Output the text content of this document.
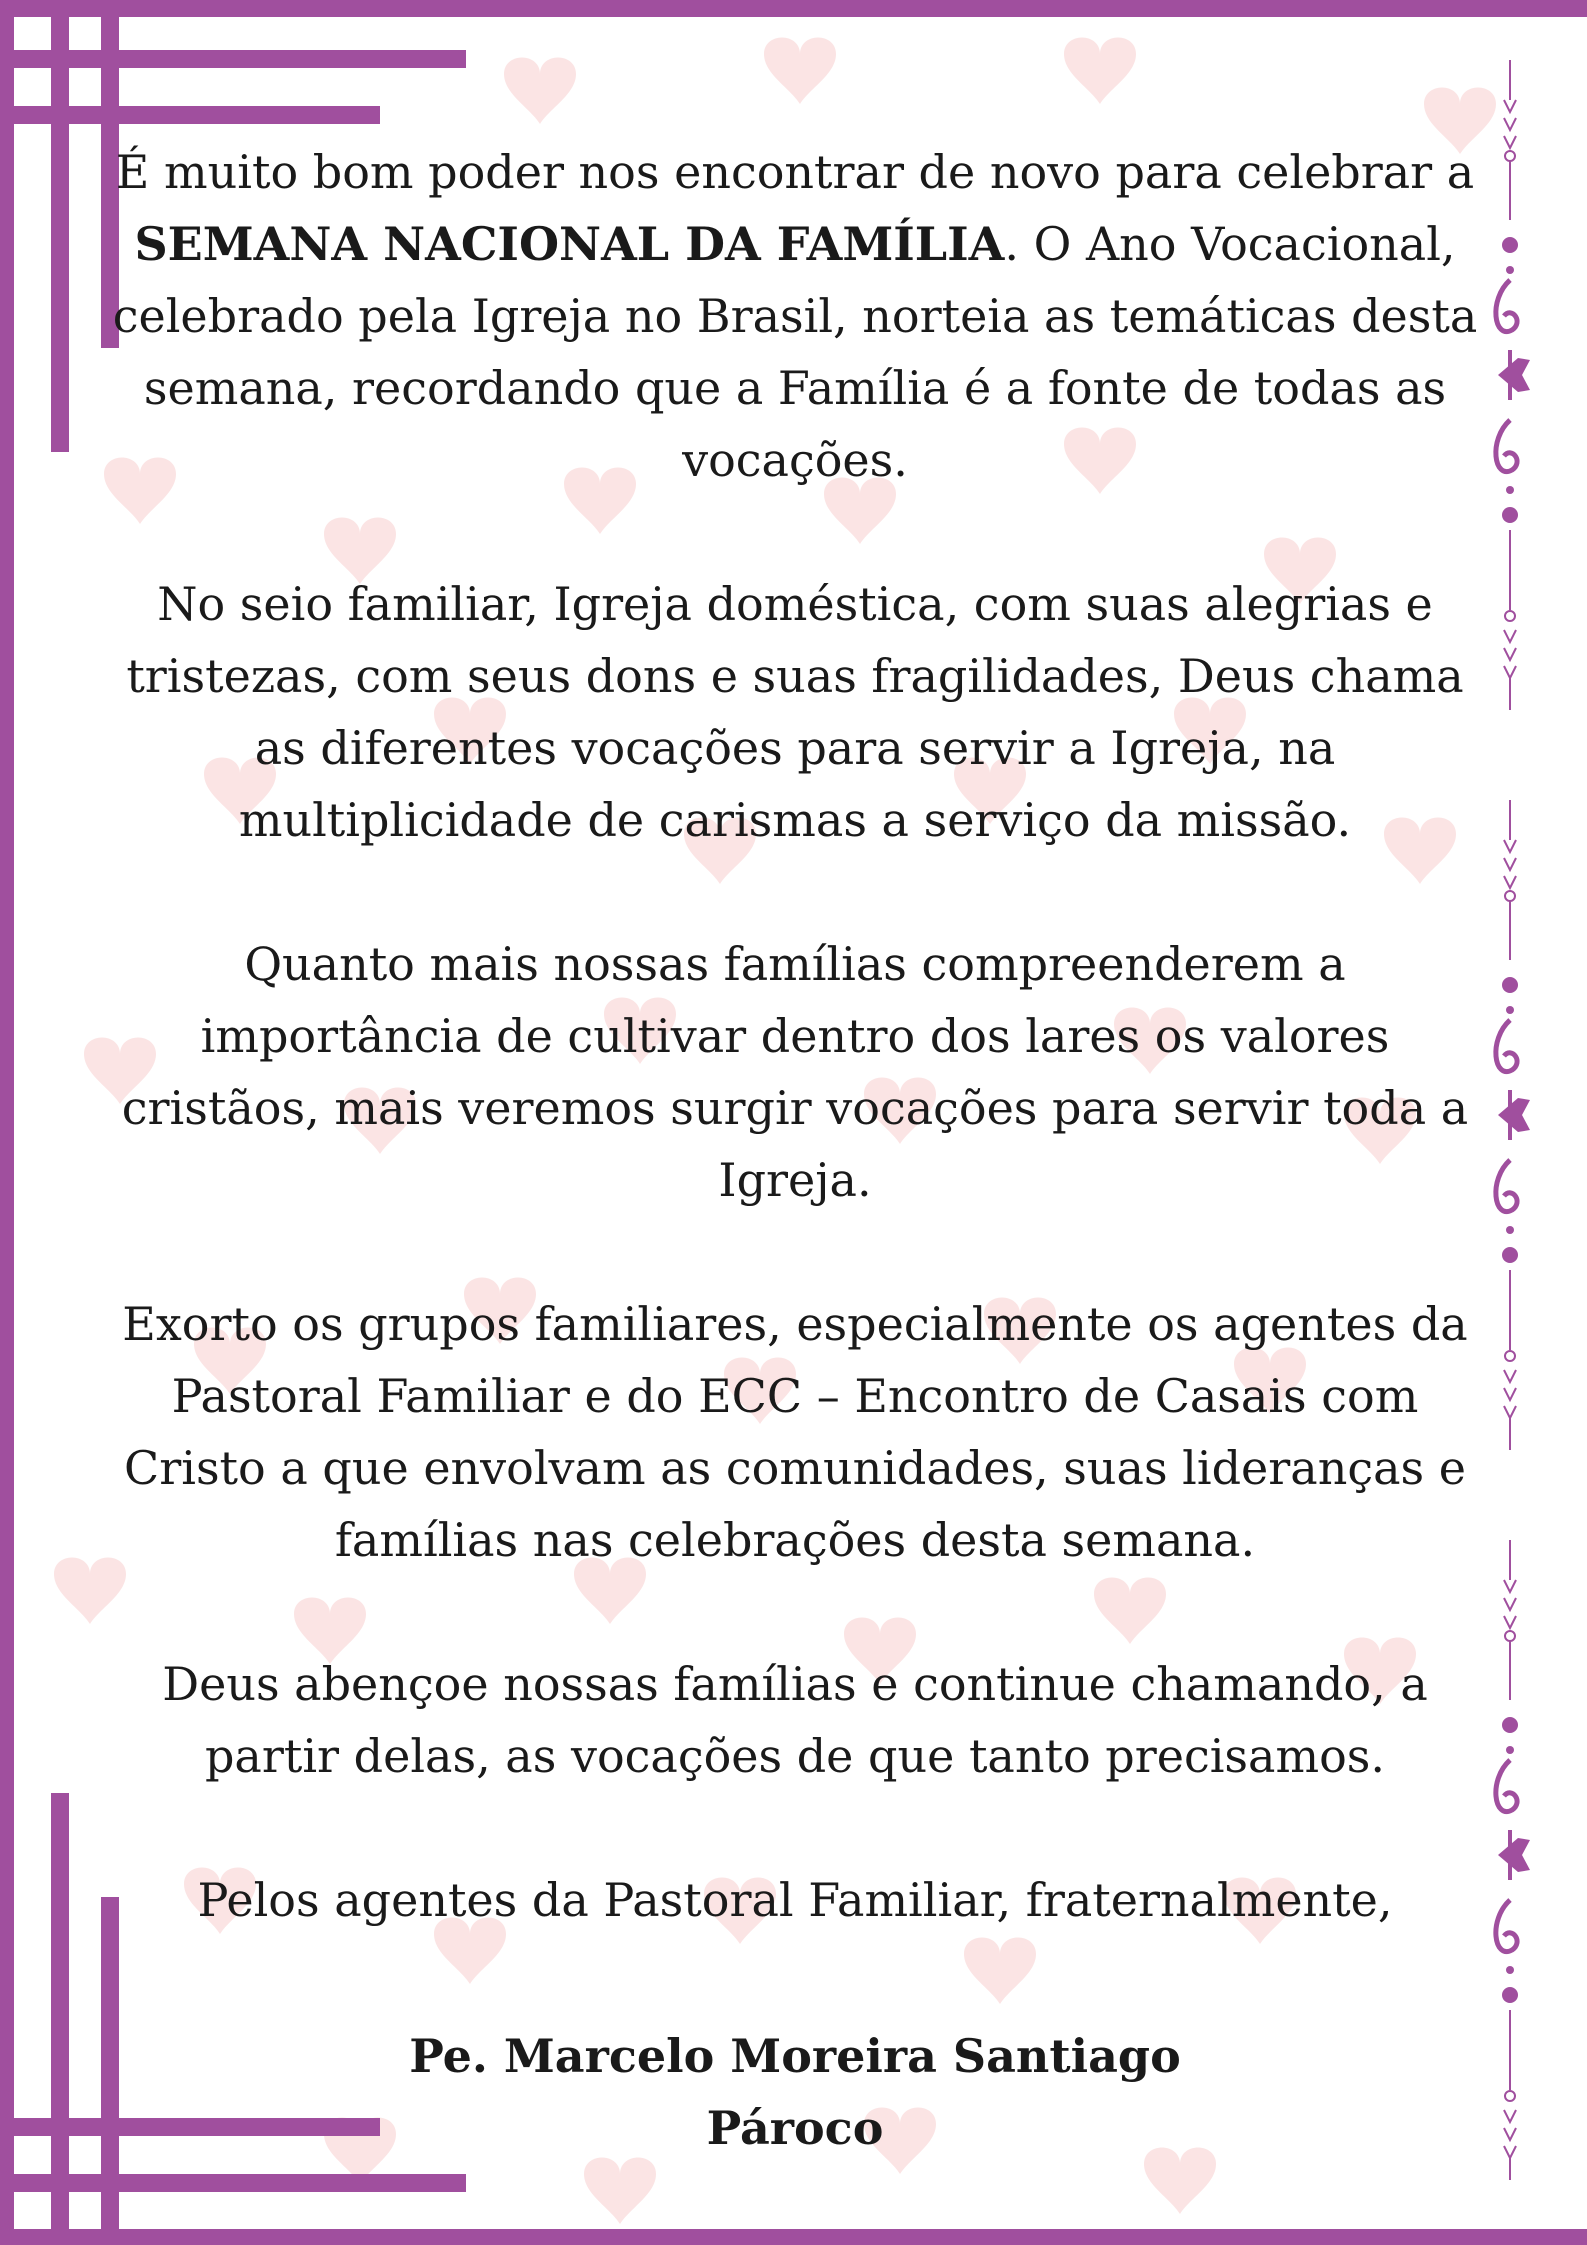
É muito bom poder nos encontrar de novo para celebrar a SEMANA NACIONAL DA FAMÍLIA. O Ano Vocacional, celebrado pela Igreja no Brasil, norteia as temáticas desta semana, recordando que a Família é a fonte de todas as vocações.

No seio familiar, Igreja doméstica, com suas alegrias e tristezas, com seus dons e suas fragilidades, Deus chama as diferentes vocações para servir a Igreja, na multiplicidade de carismas a serviço da missão.

Quanto mais nossas famílias compreenderem a importância de cultivar dentro dos lares os valores cristãos, mais veremos surgir vocações para servir toda a Igreja.

Exorto os grupos familiares, especialmente os agentes da Pastoral Familiar e do ECC – Encontro de Casais com Cristo a que envolvam as comunidades, suas lideranças e famílias nas celebrações desta semana.

Deus abençoe nossas famílias e continue chamando, a partir delas, as vocações de que tanto precisamos.

Pelos agentes da Pastoral Familiar, fraternalmente,

Pe. Marcelo Moreira Santiago
Pároco
